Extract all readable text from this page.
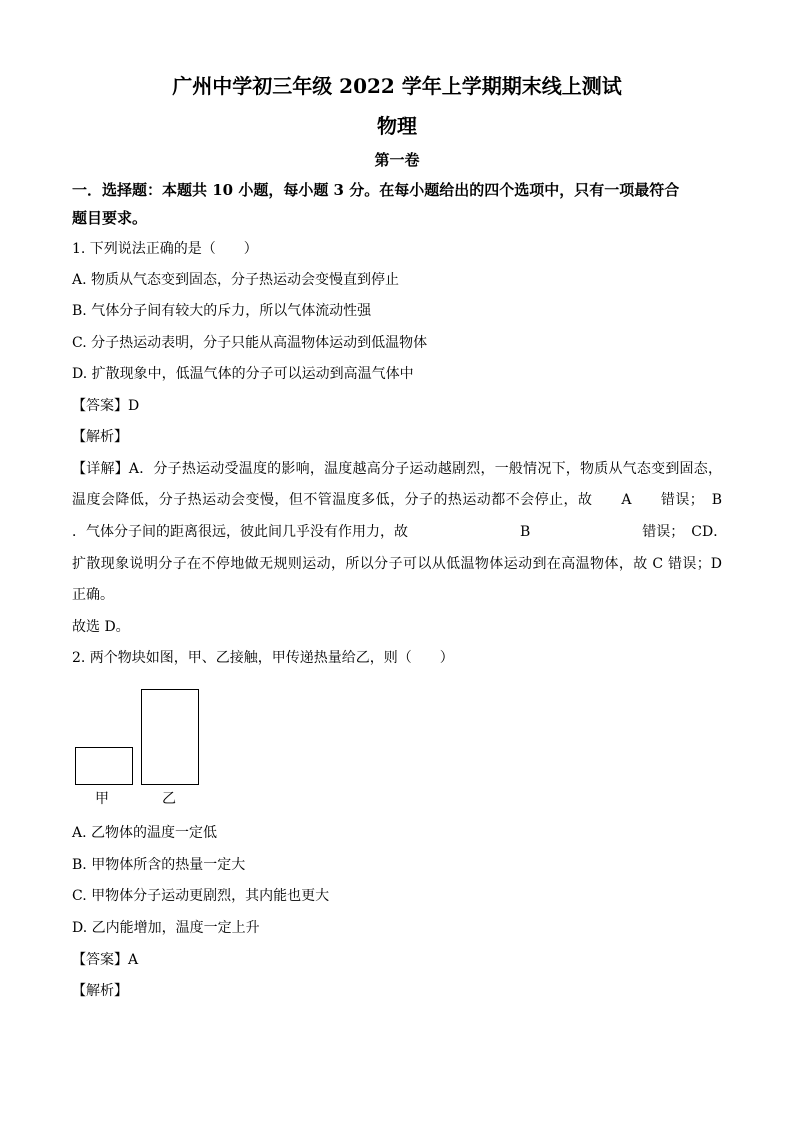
广州中学初三年级 2022 学年上学期期末线上测试
物理
第一卷
一．选择题：本题共 10 小题，每小题 3 分。在每小题给出的四个选项中，只有一项最符合
题目要求。
1. 下列说法正确的是（　　）
A. 物质从气态变到固态，分子热运动会变慢直到停止
B. 气体分子间有较大的斥力，所以气体流动性强
C. 分子热运动表明，分子只能从高温物体运动到低温物体
D. 扩散现象中，低温气体的分子可以运动到高温气体中
【答案】D
【解析】
【详解】A．分子热运动受温度的影响，温度越高分子运动越剧烈，一般情况下，物质从气态变到固态，
温度会降低，分子热运动会变慢，但不管温度多低，分子的热运动都不会停止，故　　A　　错误；　B
．气体分子间的距离很远，彼此间几乎没有作用力，故　　　　　　　　B　　　　　　　　错误；　CD．
扩散现象说明分子在不停地做无规则运动，所以分子可以从低温物体运动到在高温物体，故 C 错误；D
正确。
故选 D。
2. 两个物块如图，甲、乙接触，甲传递热量给乙，则（　　）
甲	乙
A. 乙物体的温度一定低
B. 甲物体所含的热量一定大
C. 甲物体分子运动更剧烈，其内能也更大
D. 乙内能增加，温度一定上升
【答案】A
【解析】
